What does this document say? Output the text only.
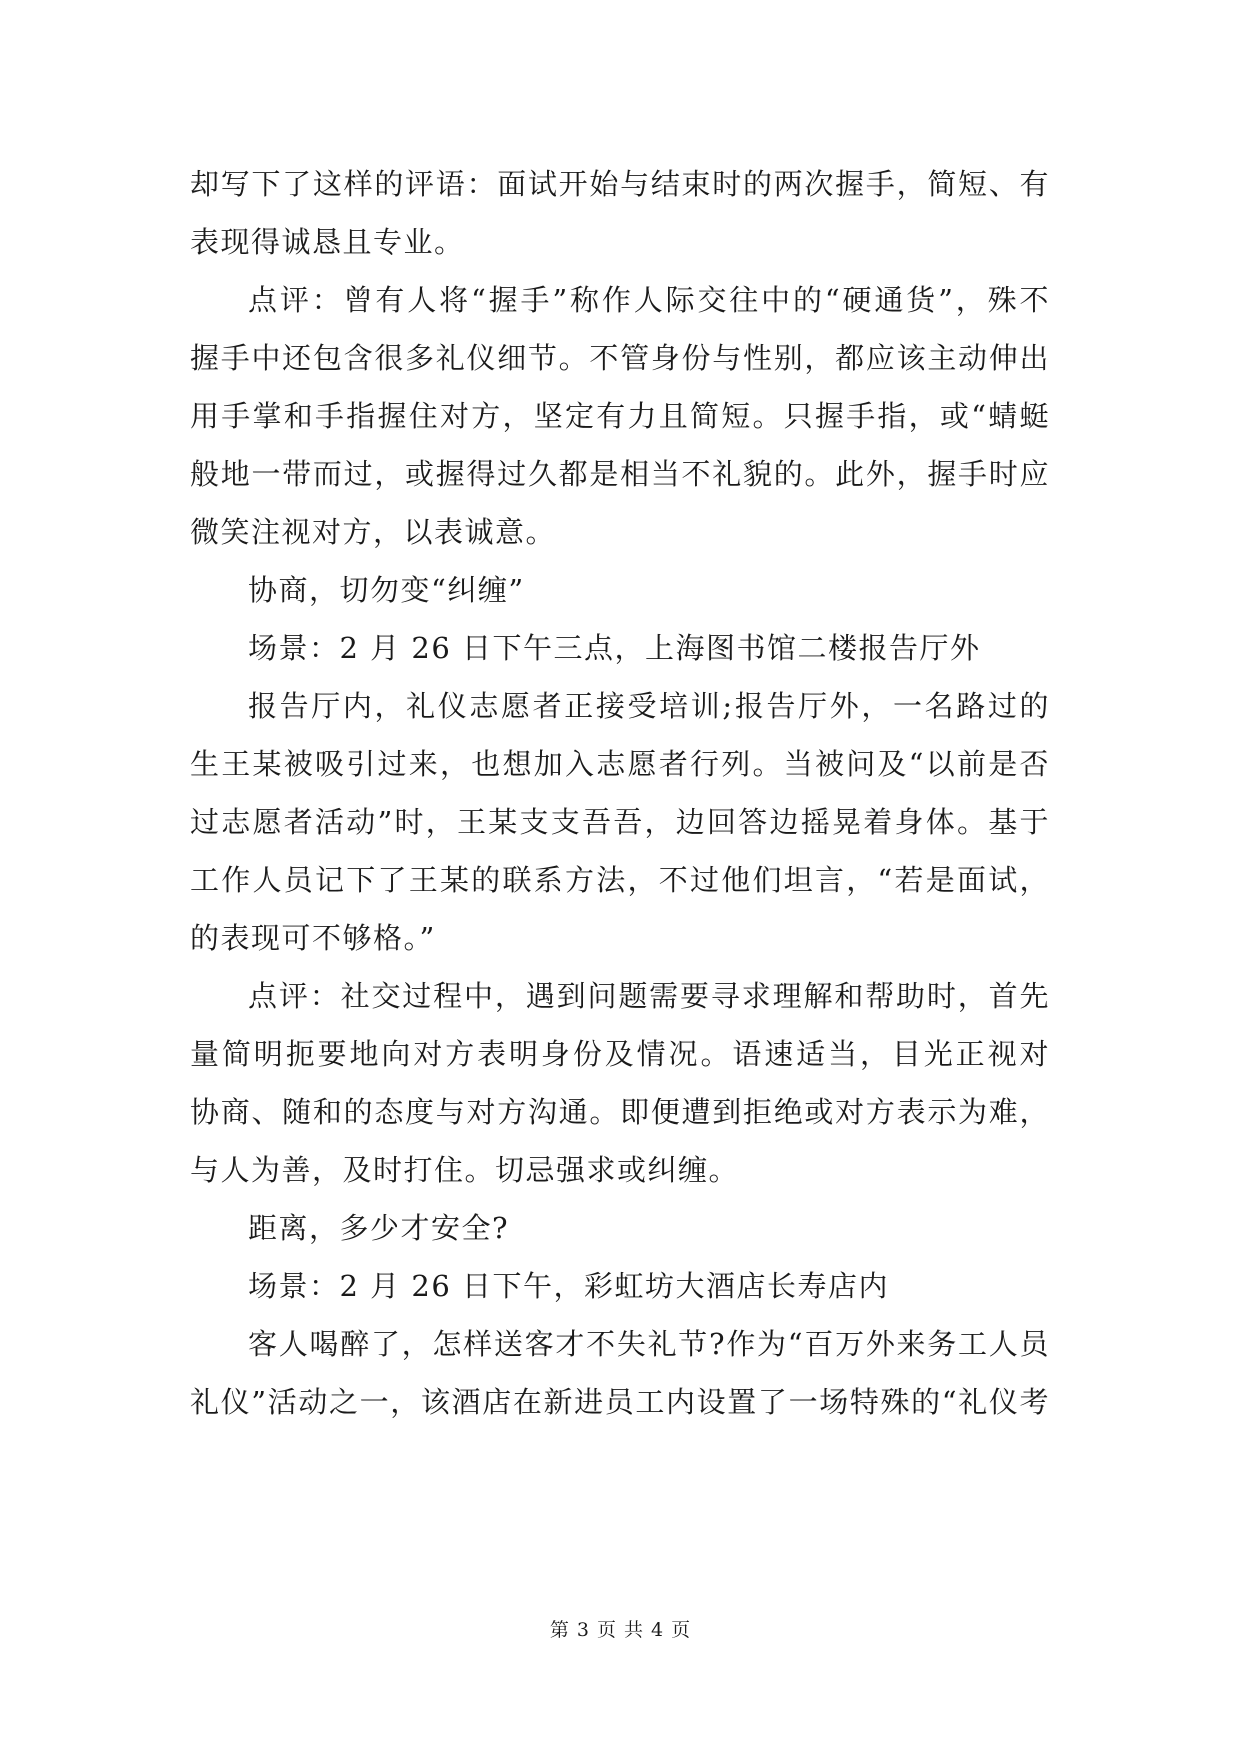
却写下了这样的评语：面试开始与结束时的两次握手，简短、有
表现得诚恳且专业。
点评：曾有人将“握手”称作人际交往中的“硬通货”，殊不
握手中还包含很多礼仪细节。不管身份与性别，都应该主动伸出
用手掌和手指握住对方，坚定有力且简短。只握手指，或“蜻蜓
般地一带而过，或握得过久都是相当不礼貌的。此外，握手时应
微笑注视对方，以表诚意。
协商，切勿变“纠缠”
场景：2 月 26 日下午三点，上海图书馆二楼报告厅外
报告厅内，礼仪志愿者正接受培训;报告厅外，一名路过的
生王某被吸引过来，也想加入志愿者行列。当被问及“以前是否
过志愿者活动”时，王某支支吾吾，边回答边摇晃着身体。基于
工作人员记下了王某的联系方法，不过他们坦言，“若是面试，
的表现可不够格。”
点评：社交过程中，遇到问题需要寻求理解和帮助时，首先
量简明扼要地向对方表明身份及情况。语速适当，目光正视对
协商、随和的态度与对方沟通。即便遭到拒绝或对方表示为难，
与人为善，及时打住。切忌强求或纠缠。
距离，多少才安全?
场景：2 月 26 日下午，彩虹坊大酒店长寿店内
客人喝醉了，怎样送客才不失礼节?作为“百万外来务工人员
礼仪”活动之一，该酒店在新进员工内设置了一场特殊的“礼仪考
第 3 页 共 4 页
